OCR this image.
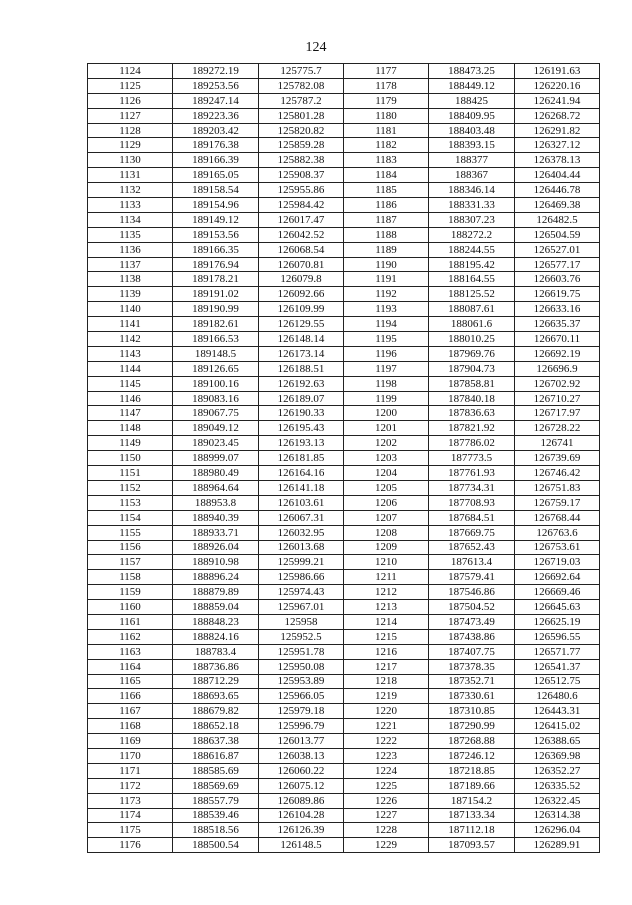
124
1124	189272.19	125775.7	1177	188473.25	126191.63
1125	189253.56	125782.08	1178	188449.12	126220.16
1126	189247.14	125787.2	1179	188425	126241.94
1127	189223.36	125801.28	1180	188409.95	126268.72
1128	189203.42	125820.82	1181	188403.48	126291.82
1129	189176.38	125859.28	1182	188393.15	126327.12
1130	189166.39	125882.38	1183	188377	126378.13
1131	189165.05	125908.37	1184	188367	126404.44
1132	189158.54	125955.86	1185	188346.14	126446.78
1133	189154.96	125984.42	1186	188331.33	126469.38
1134	189149.12	126017.47	1187	188307.23	126482.5
1135	189153.56	126042.52	1188	188272.2	126504.59
1136	189166.35	126068.54	1189	188244.55	126527.01
1137	189176.94	126070.81	1190	188195.42	126577.17
1138	189178.21	126079.8	1191	188164.55	126603.76
1139	189191.02	126092.66	1192	188125.52	126619.75
1140	189190.99	126109.99	1193	188087.61	126633.16
1141	189182.61	126129.55	1194	188061.6	126635.37
1142	189166.53	126148.14	1195	188010.25	126670.11
1143	189148.5	126173.14	1196	187969.76	126692.19
1144	189126.65	126188.51	1197	187904.73	126696.9
1145	189100.16	126192.63	1198	187858.81	126702.92
1146	189083.16	126189.07	1199	187840.18	126710.27
1147	189067.75	126190.33	1200	187836.63	126717.97
1148	189049.12	126195.43	1201	187821.92	126728.22
1149	189023.45	126193.13	1202	187786.02	126741
1150	188999.07	126181.85	1203	187773.5	126739.69
1151	188980.49	126164.16	1204	187761.93	126746.42
1152	188964.64	126141.18	1205	187734.31	126751.83
1153	188953.8	126103.61	1206	187708.93	126759.17
1154	188940.39	126067.31	1207	187684.51	126768.44
1155	188933.71	126032.95	1208	187669.75	126763.6
1156	188926.04	126013.68	1209	187652.43	126753.61
1157	188910.98	125999.21	1210	187613.4	126719.03
1158	188896.24	125986.66	1211	187579.41	126692.64
1159	188879.89	125974.43	1212	187546.86	126669.46
1160	188859.04	125967.01	1213	187504.52	126645.63
1161	188848.23	125958	1214	187473.49	126625.19
1162	188824.16	125952.5	1215	187438.86	126596.55
1163	188783.4	125951.78	1216	187407.75	126571.77
1164	188736.86	125950.08	1217	187378.35	126541.37
1165	188712.29	125953.89	1218	187352.71	126512.75
1166	188693.65	125966.05	1219	187330.61	126480.6
1167	188679.82	125979.18	1220	187310.85	126443.31
1168	188652.18	125996.79	1221	187290.99	126415.02
1169	188637.38	126013.77	1222	187268.88	126388.65
1170	188616.87	126038.13	1223	187246.12	126369.98
1171	188585.69	126060.22	1224	187218.85	126352.27
1172	188569.69	126075.12	1225	187189.66	126335.52
1173	188557.79	126089.86	1226	187154.2	126322.45
1174	188539.46	126104.28	1227	187133.34	126314.38
1175	188518.56	126126.39	1228	187112.18	126296.04
1176	188500.54	126148.5	1229	187093.57	126289.91
